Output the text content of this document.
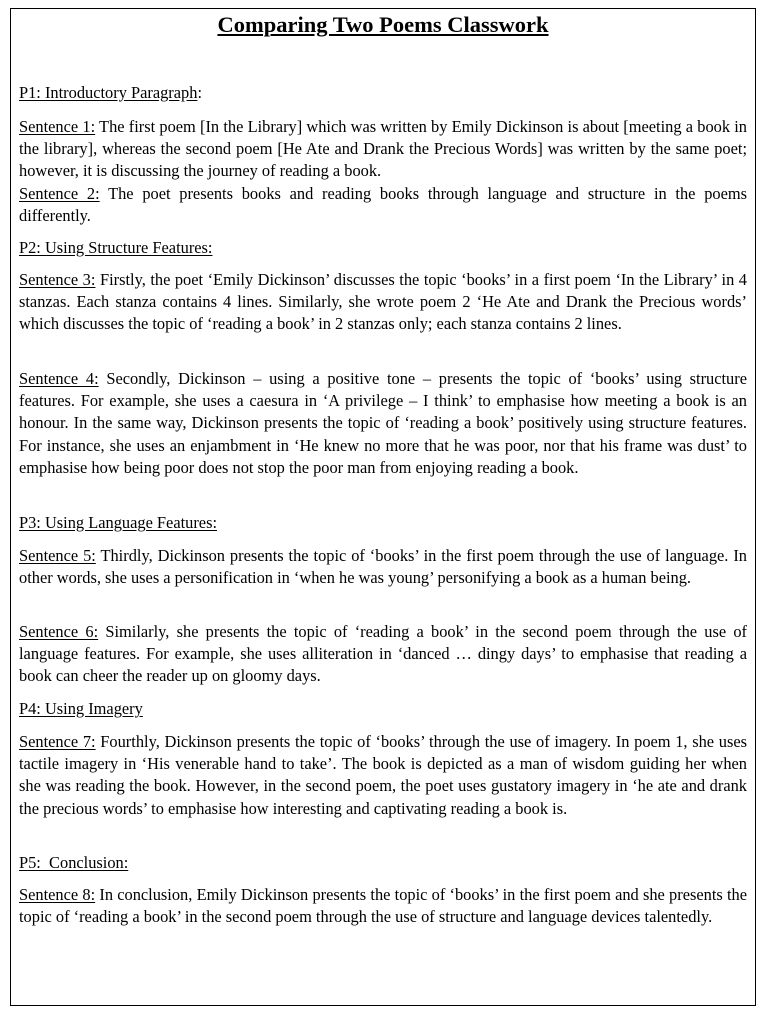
Comparing Two Poems Classwork
P1: Introductory Paragraph:

Sentence 1: The first poem [In the Library] which was written by Emily Dickinson is about [meeting a book in the library], whereas the second poem [He Ate and Drank the Precious Words] was written by the same poet; however, it is discussing the journey of reading a book.

Sentence 2: The poet presents books and reading books through language and structure in the poems differently.

P2: Using Structure Features:

Sentence 3: Firstly, the poet ‘Emily Dickinson’ discusses the topic ‘books’ in a first poem ‘In the Library’ in 4 stanzas. Each stanza contains 4 lines. Similarly, she wrote poem 2 ‘He Ate and Drank the Precious words’ which discusses the topic of ‘reading a book’ in 2 stanzas only; each stanza contains 2 lines.

Sentence 4: Secondly, Dickinson – using a positive tone – presents the topic of ‘books’ using structure features. For example, she uses a caesura in ‘A privilege – I think’ to emphasise how meeting a book is an honour. In the same way, Dickinson presents the topic of ‘reading a book’ positively using structure features. For instance, she uses an enjambment in ‘He knew no more that he was poor, nor that his frame was dust’ to emphasise how being poor does not stop the poor man from enjoying reading a book.

P3: Using Language Features:

Sentence 5: Thirdly, Dickinson presents the topic of ‘books’ in the first poem through the use of language. In other words, she uses a personification in ‘when he was young’ personifying a book as a human being.

Sentence 6: Similarly, she presents the topic of ‘reading a book’ in the second poem through the use of language features. For example, she uses alliteration in ‘danced … dingy days’ to emphasise that reading a book can cheer the reader up on gloomy days.

P4: Using Imagery

Sentence 7: Fourthly, Dickinson presents the topic of ‘books’ through the use of imagery. In poem 1, she uses tactile imagery in ‘His venerable hand to take’. The book is depicted as a man of wisdom guiding her when she was reading the book. However, in the second poem, the poet uses gustatory imagery in ‘he ate and drank the precious words’ to emphasise how interesting and captivating reading a book is.

P5:  Conclusion:

Sentence 8: In conclusion, Emily Dickinson presents the topic of ‘books’ in the first poem and she presents the topic of ‘reading a book’ in the second poem through the use of structure and language devices talentedly.
